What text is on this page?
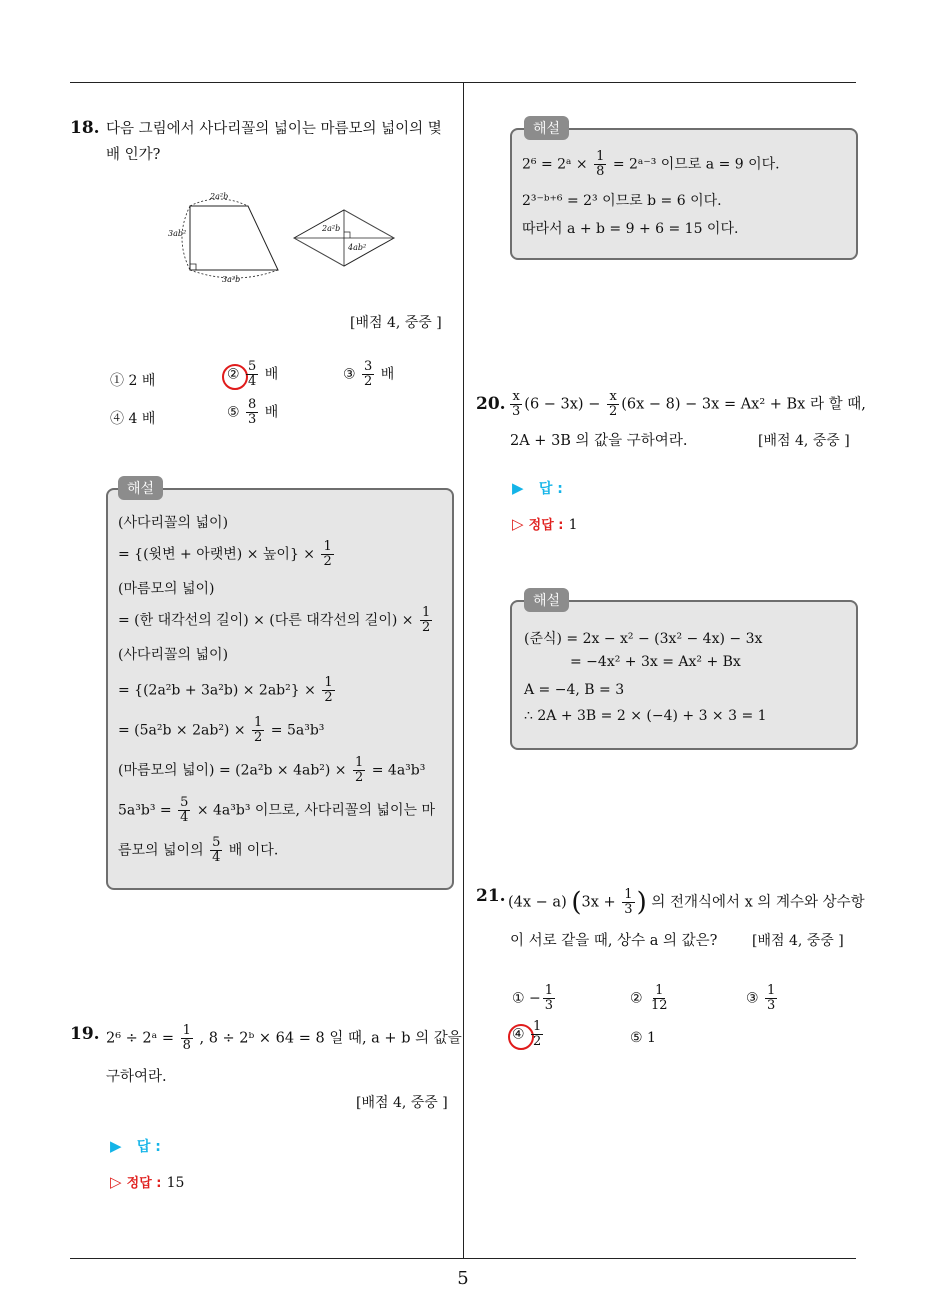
5
18. 다음 그림에서 사다리꼴의 넓이는 마름모의 넓이의 몇
배 인가?
2a²b
3ab²
3a²b
2a²b
4ab²
[배점 4, 중중 ]
① 2 배	② $\frac{5}{4}$ 배	③ $\frac{3}{2}$ 배
④ 4 배	⑤ $\frac{8}{3}$ 배
해설
(사다리꼴의 넓이)
= {(윗변 + 아랫변) × 높이} × $\frac{1}{2}$
(마름모의 넓이)
= (한 대각선의 길이) × (다른 대각선의 길이) × $\frac{1}{2}$
(사다리꼴의 넓이)
= $\{(2a^2b + 3a^2b) \times 2ab^2\} \times \frac{1}{2}$
= $(5a^2b \times 2ab^2) \times \frac{1}{2} = 5a^3b^3$
(마름모의 넓이) = $(2a^2b \times 4ab^2) \times \frac{1}{2} = 4a^3b^3$
$5a^3b^3 = \frac{5}{4} \times 4a^3b^3$ 이므로, 사다리꼴의 넓이는 마
름모의 넓이의 $\frac{5}{4}$ 배 이다.
19. 2⁶ ÷ 2ᵃ = $\frac{1}{8}$ , 8 ÷ 2ᵇ × 64 = 8 일 때, a + b 의 값을
구하여라.
[배점 4, 중중 ]
▶ 답 :
▷ 정답 : 15
해설
2⁶ = 2ᵃ × $\frac{1}{8}$ = 2ᵃ⁻³ 이므로 a = 9 이다.
2³⁻ᵇ⁺⁶ = 2³ 이므로 b = 6 이다.
따라서 a + b = 9 + 6 = 15 이다.
20. $\frac{x}{3} (6 - 3x) - \frac{x}{2} (6x - 8) - 3x = Ax^2 + Bx$ 라 할 때,
2A + 3B 의 값을 구하여라.	[배점 4, 중중 ]
▶ 답 :
▷ 정답 : 1
해설
(준식) = 2x − x² − (3x² − 4x) − 3x
= −4x² + 3x = Ax² + Bx
A = −4, B = 3
∴ 2A + 3B = 2 × (−4) + 3 × 3 = 1
21. (4x − a) ($3x + \frac{1}{3}$ ) 의 전개식에서 x 의 계수와 상수항
이 서로 같을 때, 상수 a 의 값은? [배점 4, 중중 ]
① − $\frac{1}{3}$	② $\frac{1}{12}$	③ $\frac{1}{3}$
④ $\frac{1}{2}$	⑤ 1
